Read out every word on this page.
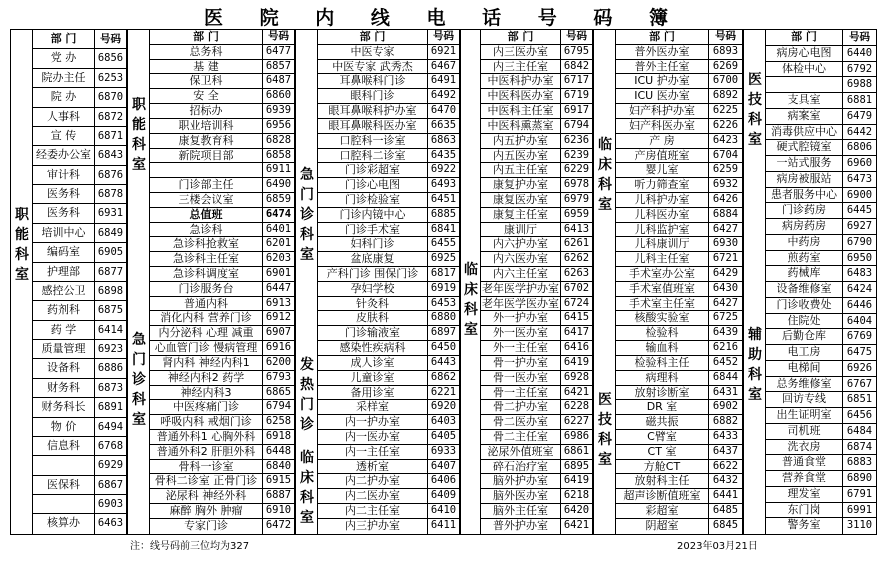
医 院 内 线 电 话 号 码 簿
职
能
科
室
部 门	号码
党 办	6856
院办主任	6253
院 办	6870
人事科	6872
宣 传	6871
经委办公室 6843
审计科	6876
医务科	6878
医务科	6931
培训中心	6849
编码室	6905
护理部	6877
感控公卫	6898
药剂科	6875
药 学	6414
质量管理	6923
设备科	6886
财务科	6873
财务科长	6891
物 价	6494
信息科	6768
6929
医保科	6867
6903
核算办	6463
职
能
科
室
急
门
诊
科
室
部 门	号码
总务科	6477
基 建	6857
保卫科	6487
安 全	6860
招标办	6939
职业培训科	6956
康复教育科	6828
新院项目部	6858
6911
门诊部主任	6490
三楼会议室	6859
总值班	6474
急诊科	6401
急诊科抢救室	6201
急诊科主任室	6203
急诊科调度室	6901
门诊服务台	6447
普通内科	6913
消化内科 营养门诊	6912
内分泌科 心理 减重	6907
心血管门诊 慢病管理 6916
肾内科 神经内科1	6200
神经内科2 药学	6793
神经内科3	6865
中医疼痛门诊	6794
呼吸内科 戒烟门诊	6258
普通外科1 心胸外科	6918
普通外科2 肝胆外科	6448
骨科一诊室	6840
骨科二诊室 正骨门诊 6915
泌尿科 神经外科	6887
麻醉 胸外 肿瘤	6910
专家门诊	6472
急
门
诊
科
室
发
热
门
诊
临
床
科
室
部 门	号码
中医专家	6921
中医专家 武秀杰	6467
耳鼻喉科门诊	6491
眼科门诊	6492
眼耳鼻喉科护办室	6470
眼耳鼻喉科医办室	6635
口腔科一诊室	6863
口腔科二诊室	6435
门诊彩超室	6922
门诊心电图	6493
门诊检验室	6451
门诊内镜中心	6885
门诊手术室	6841
妇科门诊	6455
盆底康复	6925
产科门诊 围保门诊	6817
孕妇学校	6919
针灸科	6453
皮肤科	6880
门诊输液室	6897
感染性疾病科	6450
成人诊室	6443
儿童诊室	6862
备用诊室	6221
采样室	6920
内一护办室	6403
内一医办室	6405
内一主任室	6933
透析室	6407
内二护办室	6406
内二医办室	6409
内二主任室	6410
内三护办室	6411
临
床
科
室
部 门	号码
内三医办室	6795
内三主任室	6842
中医科护办室 6717
中医科医办室 6719
中医科主任室 6917
中医科熏蒸室 6794
内五护办室	6236
内五医办室	6239
内五主任室	6229
康复护办室	6978
康复医办室	6979
康复主任室	6959
康训厅	6413
内六护办室	6261
内六医办室	6262
内六主任室	6263
老年医学护办室 6702
老年医学医办室 6724
外一护办室	6415
外一医办室	6417
外一主任室	6416
骨一护办室	6419
骨一医办室	6928
骨一主任室	6421
骨二护办室	6228
骨二医办室	6227
骨二主任室	6986
泌尿外值班室 6861
碎石治疗室	6895
脑外护办室	6419
脑外医办室	6218
脑外主任室	6420
普外护办室	6421
临
床
科
室
医
技
科
室
部 门	号码
普外医办室	6893
普外主任室	6269
ICU 护办室	6700
ICU 医办室	6892
妇产科护办室	6225
妇产科医办室	6226
产 房	6423
产房值班室	6704
婴儿室	6259
听力筛查室	6932
儿科护办室	6426
儿科医办室	6884
儿科监护室	6427
儿科康训厅	6930
儿科主任室	6721
手术室办公室	6429
手术室值班室	6430
手术室主任室	6427
核酸实验室	6725
检验科	6439
输血科	6216
检验科主任	6452
病理科	6844
放射诊断室	6431
DR 室	6902
磁共振	6882
C臂室	6433
CT 室	6437
方舱CT	6622
放射科主任	6432
超声诊断值班室	6441
彩超室	6485
阴超室	6845
医
技
科
室
辅
助
科
室
部 门	号码
病房心电图	6440
体检中心	6792
6988
支具室	6881
病案室	6479
消毒供应中心 6442
硬式腔镜室	6806
一站式服务	6960
病房被服站	6473
患者服务中心 6900
门诊药房	6445
病房药房	6927
中药房	6790
煎药室	6950
药械库	6483
设备维修室	6424
门诊收费处	6446
住院处	6404
后勤仓库	6769
电工房	6475
电梯间	6926
总务维修室	6767
回访专线	6851
出生证明室	6456
司机班	6484
洗衣房	6874
普通食堂	6883
营养食堂	6890
理发室	6791
东门岗	6991
警务室	3110
注：线号码前三位均为327	2023年03月21日
